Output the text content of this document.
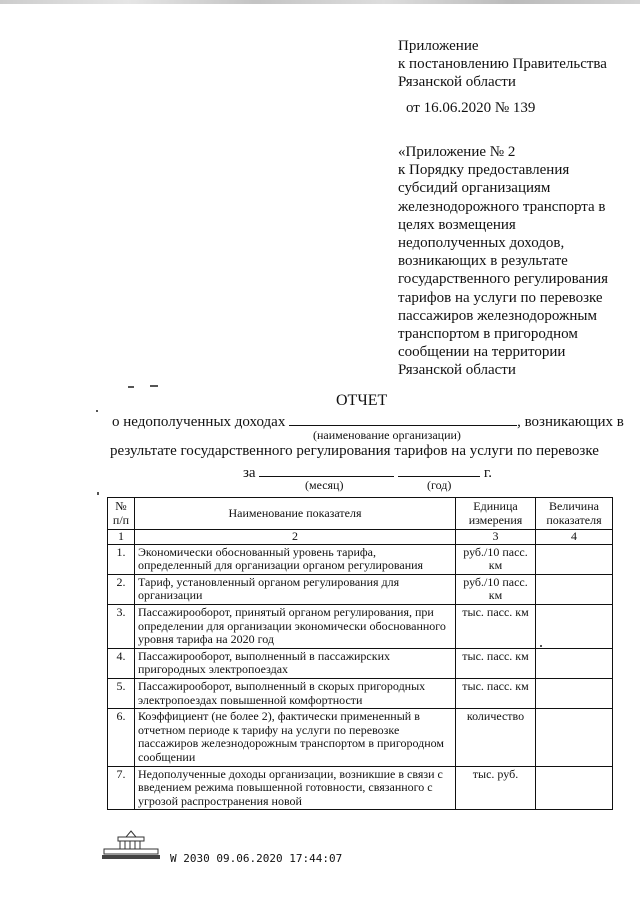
Приложение
к постановлению Правительства
Рязанской области
от 16.06.2020 № 139
«Приложение № 2
к Порядку предоставления
субсидий организациям
железнодорожного транспорта в
целях возмещения
недополученных доходов,
возникающих в результате
государственного регулирования
тарифов на услуги по перевозке
пассажиров железнодорожным
транспортом в пригородном
сообщении на территории
Рязанской области
ОТЧЕТ
о недополученных доходах	, возникающих в
(наименование организации)
результате государственного регулирования тарифов на услуги по перевозке
за	г.
(месяц)	(год)
№ п/п	Наименование показателя	Единица измерения	Величина показателя
1	2	3	4
1.	Экономически обоснованный уровень тарифа, определенный для организации органом регулирования	руб./10 пасс. км	
2.	Тариф, установленный органом регулирования для организации	руб./10 пасс. км	
3.	Пассажирооборот, принятый органом регулирования, при определении для организации экономически обоснованного уровня тарифа на 2020 год	тыс. пасс. км	
4.	Пассажирооборот, выполненный в пассажирских пригородных электропоездах	тыс. пасс. км	
5.	Пассажирооборот, выполненный в скорых пригородных электропоездах повышенной комфортности	тыс. пасс. км	
6.	Коэффициент (не более 2), фактически примененный в отчетном периоде к тарифу на услуги по перевозке пассажиров железнодорожным транспортом в пригородном сообщении	количество	
7.	Недополученные доходы организации, возникшие в связи с введением режима повышенной готовности, связанного с угрозой распространения новой	тыс. руб.	
W 2030 09.06.2020 17:44:07
